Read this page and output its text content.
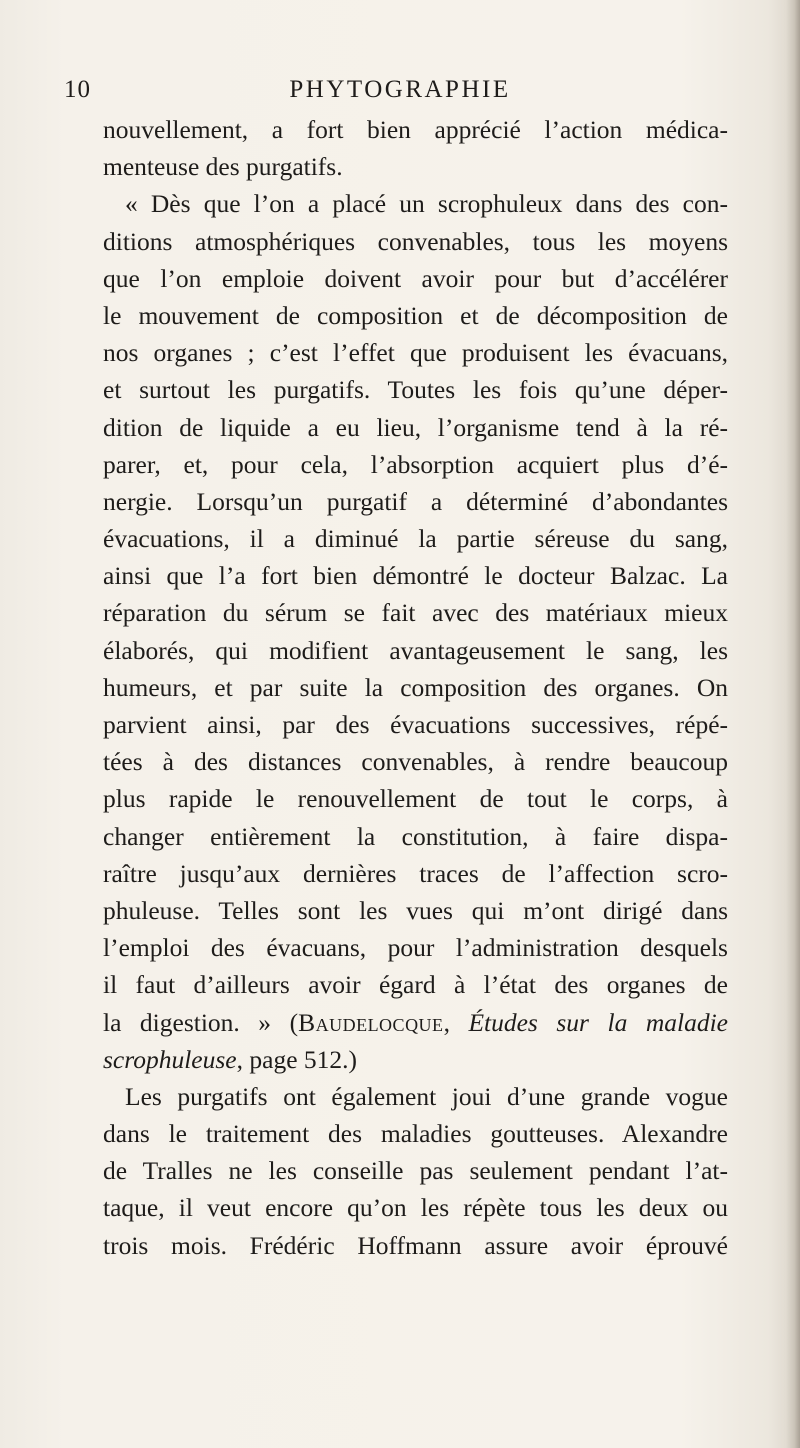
10	PHYTOGRAPHIE
nouvellement, a fort bien apprécié l’action médica-
menteuse des purgatifs.
« Dès que l’on a placé un scrophuleux dans des con-
ditions atmosphériques convenables, tous les moyens
que l’on emploie doivent avoir pour but d’accélérer
le mouvement de composition et de décomposition de
nos organes ; c’est l’effet que produisent les évacuans,
et surtout les purgatifs. Toutes les fois qu’une déper-
dition de liquide a eu lieu, l’organisme tend à la ré-
parer, et, pour cela, l’absorption acquiert plus d’é-
nergie. Lorsqu’un purgatif a déterminé d’abondantes
évacuations, il a diminué la partie séreuse du sang,
ainsi que l’a fort bien démontré le docteur Balzac. La
réparation du sérum se fait avec des matériaux mieux
élaborés, qui modifient avantageusement le sang, les
humeurs, et par suite la composition des organes. On
parvient ainsi, par des évacuations successives, répé-
tées à des distances convenables, à rendre beaucoup
plus rapide le renouvellement de tout le corps, à
changer entièrement la constitution, à faire dispa-
raître jusqu’aux dernières traces de l’affection scro-
phuleuse. Telles sont les vues qui m’ont dirigé dans
l’emploi des évacuans, pour l’administration desquels
il faut d’ailleurs avoir égard à l’état des organes de
la digestion. » (Baudelocque, Études sur la maladie
scrophuleuse, page 512.)
Les purgatifs ont également joui d’une grande vogue
dans le traitement des maladies goutteuses. Alexandre
de Tralles ne les conseille pas seulement pendant l’at-
taque, il veut encore qu’on les répète tous les deux ou
trois mois. Frédéric Hoffmann assure avoir éprouvé
